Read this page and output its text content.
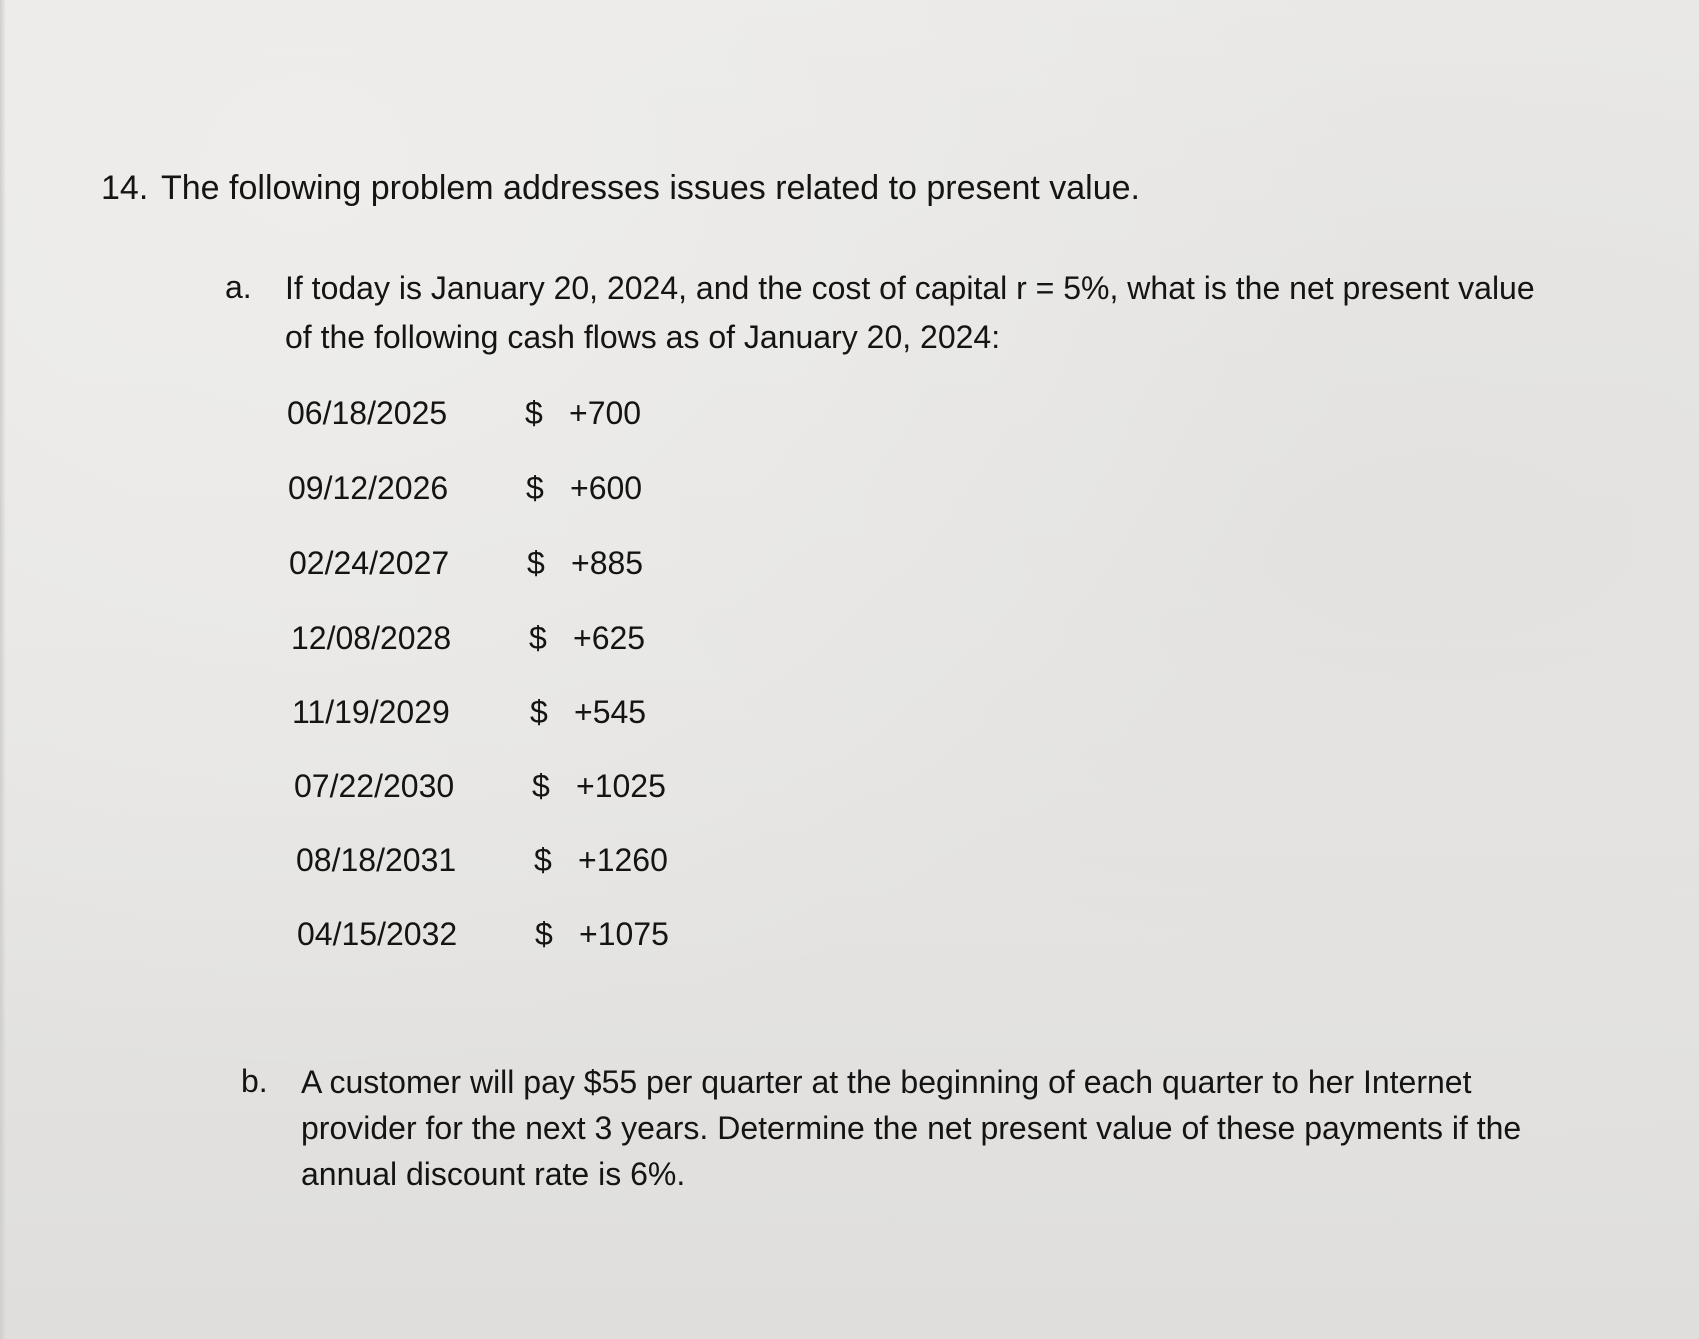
14. The following problem addresses issues related to present value.
a. If today is January 20, 2024, and the cost of capital r = 5%, what is the net present value
of the following cash flows as of January 20, 2024:
06/18/2025 $ +700
09/12/2026 $ +600
02/24/2027 $ +885
12/08/2028 $ +625
11/19/2029	$ +545
07/22/2030 $ +1025
08/18/2031 $ +1260
04/15/2032 $ +1075
b. A customer will pay $55 per quarter at the beginning of each quarter to her Internet
provider for the next 3 years. Determine the net present value of these payments if the
annual discount rate is 6%.
